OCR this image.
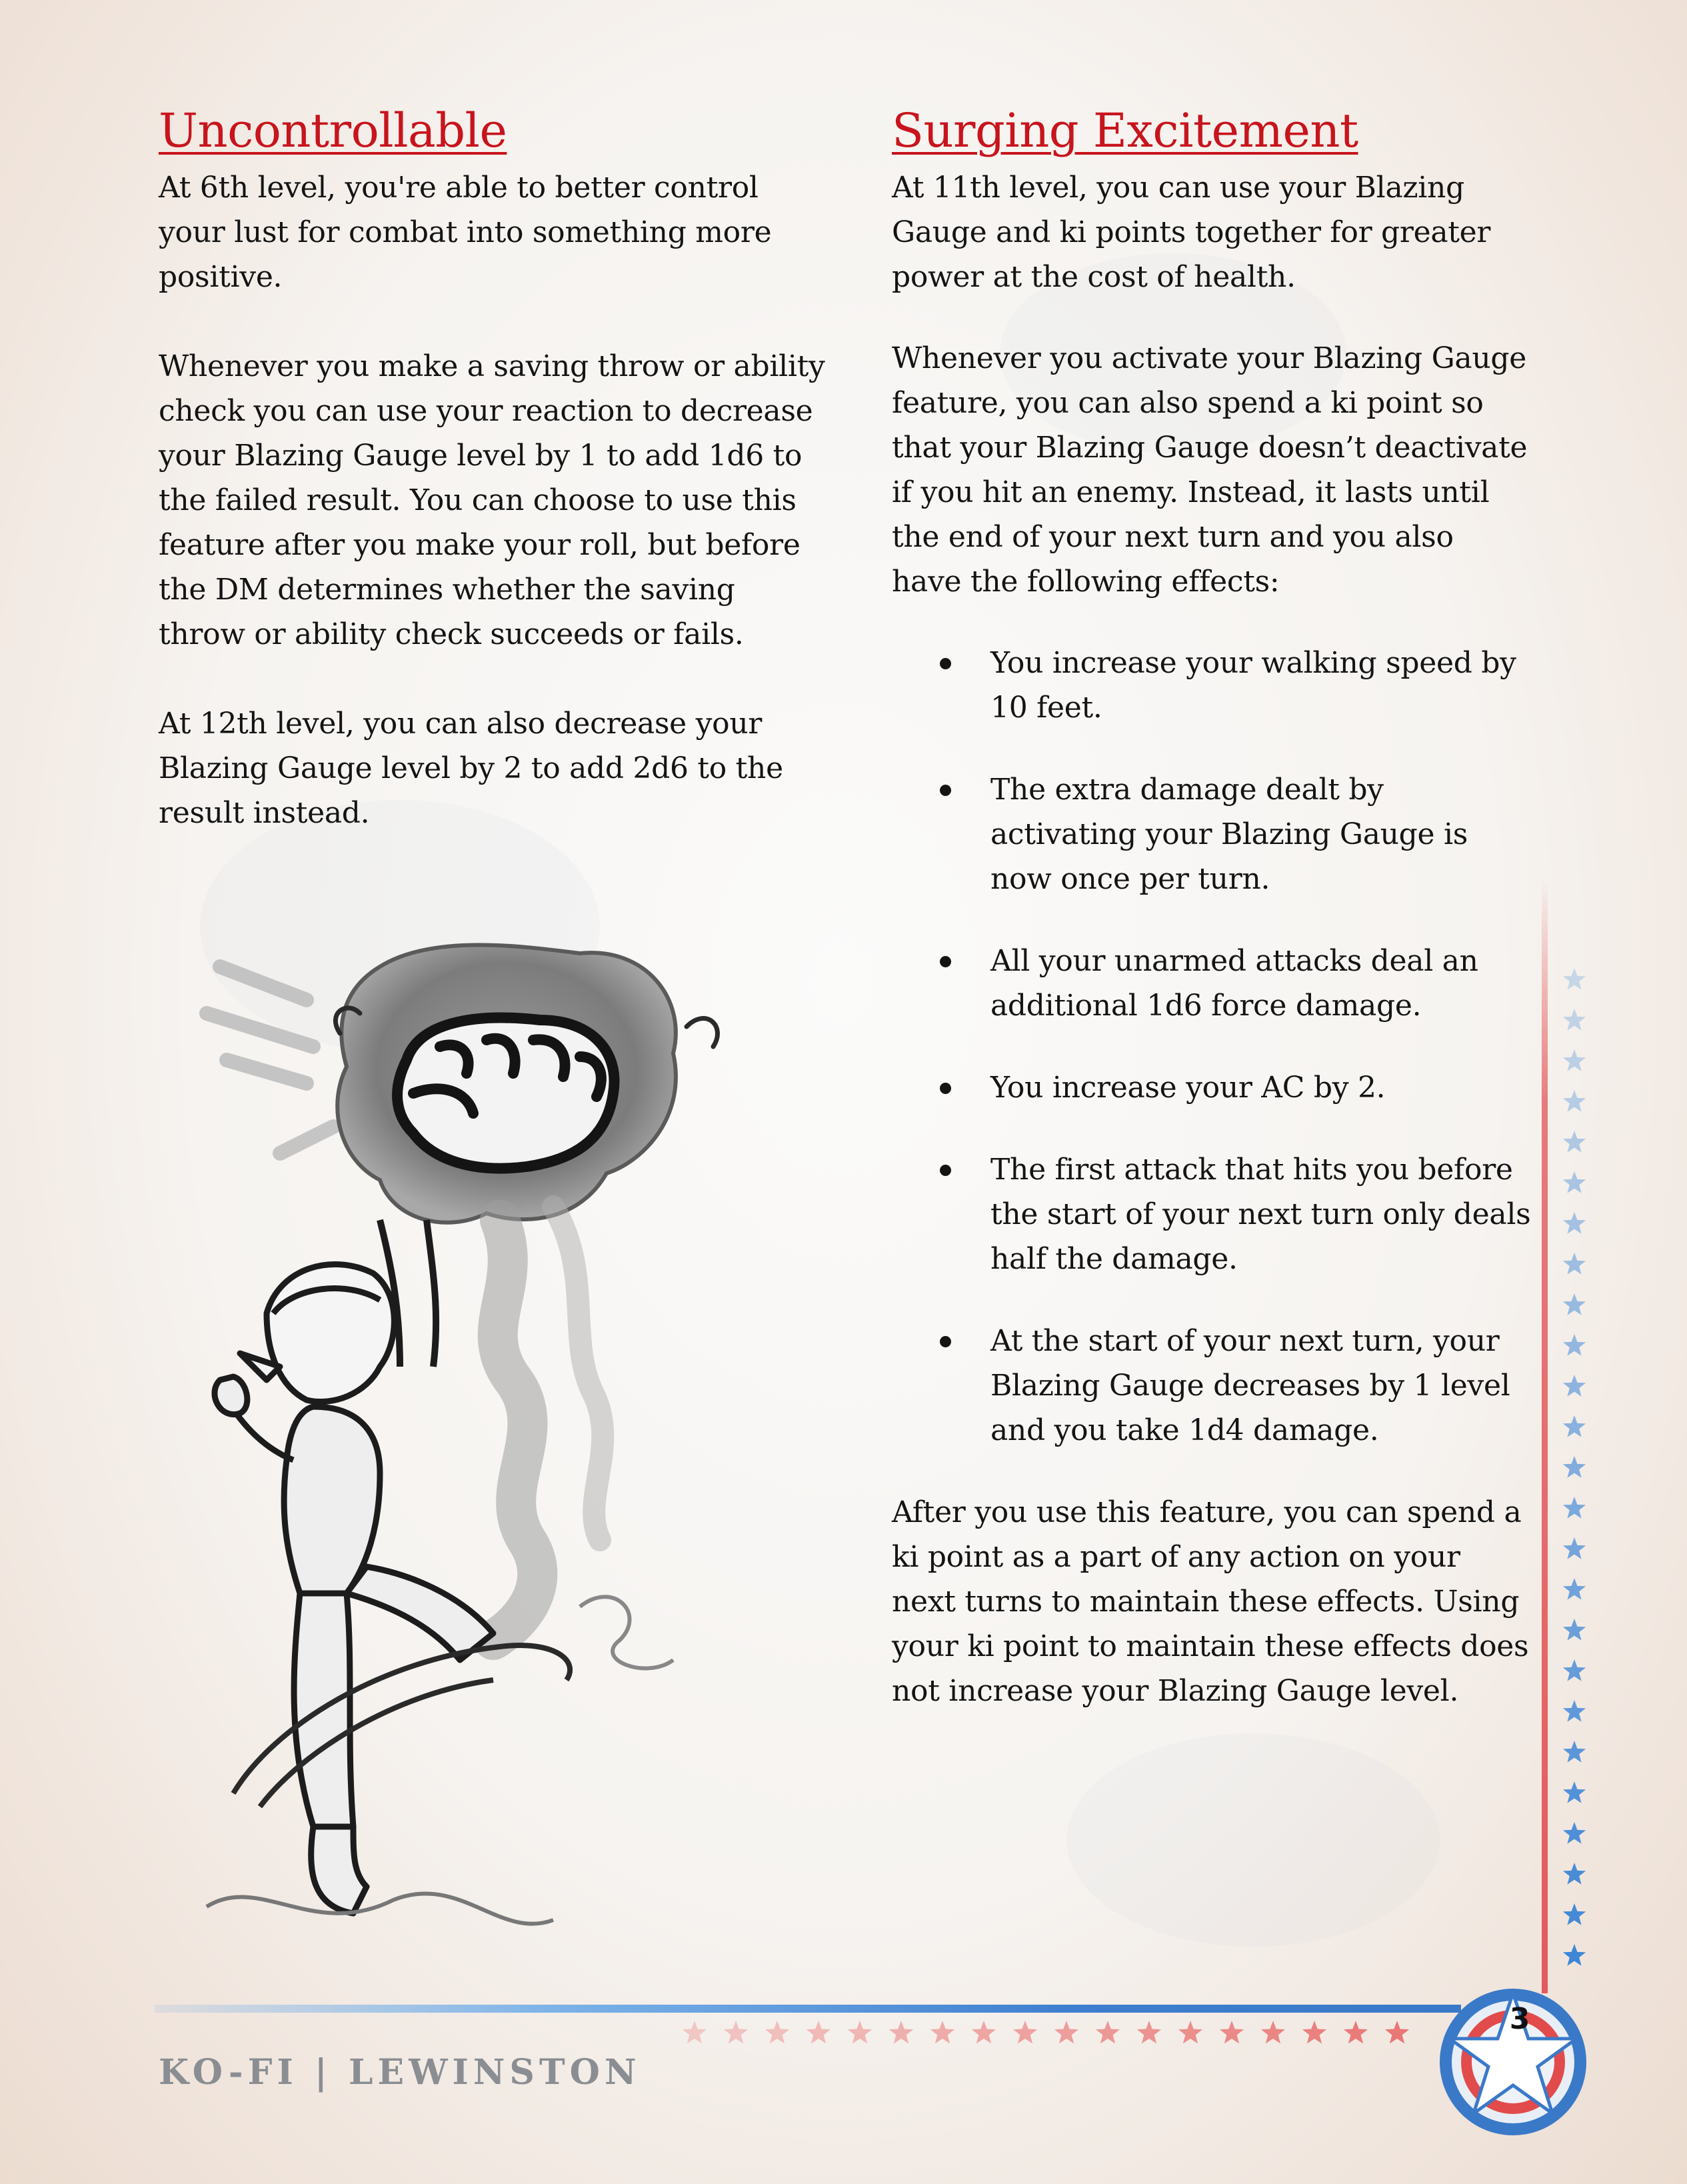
Uncontrollable

At 6th level, you're able to better control your lust for combat into something more positive.

Whenever you make a saving throw or ability check you can use your reaction to decrease your Blazing Gauge level by 1 to add 1d6 to the failed result. You can choose to use this feature after you make your roll, but before the DM determines whether the saving throw or ability check succeeds or fails.

At 12th level, you can also decrease your Blazing Gauge level by 2 to add 2d6 to the result instead.

Surging Excitement

At 11th level, you can use your Blazing Gauge and ki points together for greater power at the cost of health.

Whenever you activate your Blazing Gauge feature, you can also spend a ki point so that your Blazing Gauge doesn’t deactivate if you hit an enemy. Instead, it lasts until the end of your next turn and you also have the following effects:

You increase your walking speed by 10 feet.
The extra damage dealt by activating your Blazing Gauge is now once per turn.
All your unarmed attacks deal an additional 1d6 force damage.
You increase your AC by 2.
The first attack that hits you before the start of your next turn only deals half the damage.
At the start of your next turn, your Blazing Gauge decreases by 1 level and you take 1d4 damage.

After you use this feature, you can spend a ki point as a part of any action on your next turns to maintain these effects. Using your ki point to maintain these effects does not increase your Blazing Gauge level.

KO-FI | LEWINSTON
3
